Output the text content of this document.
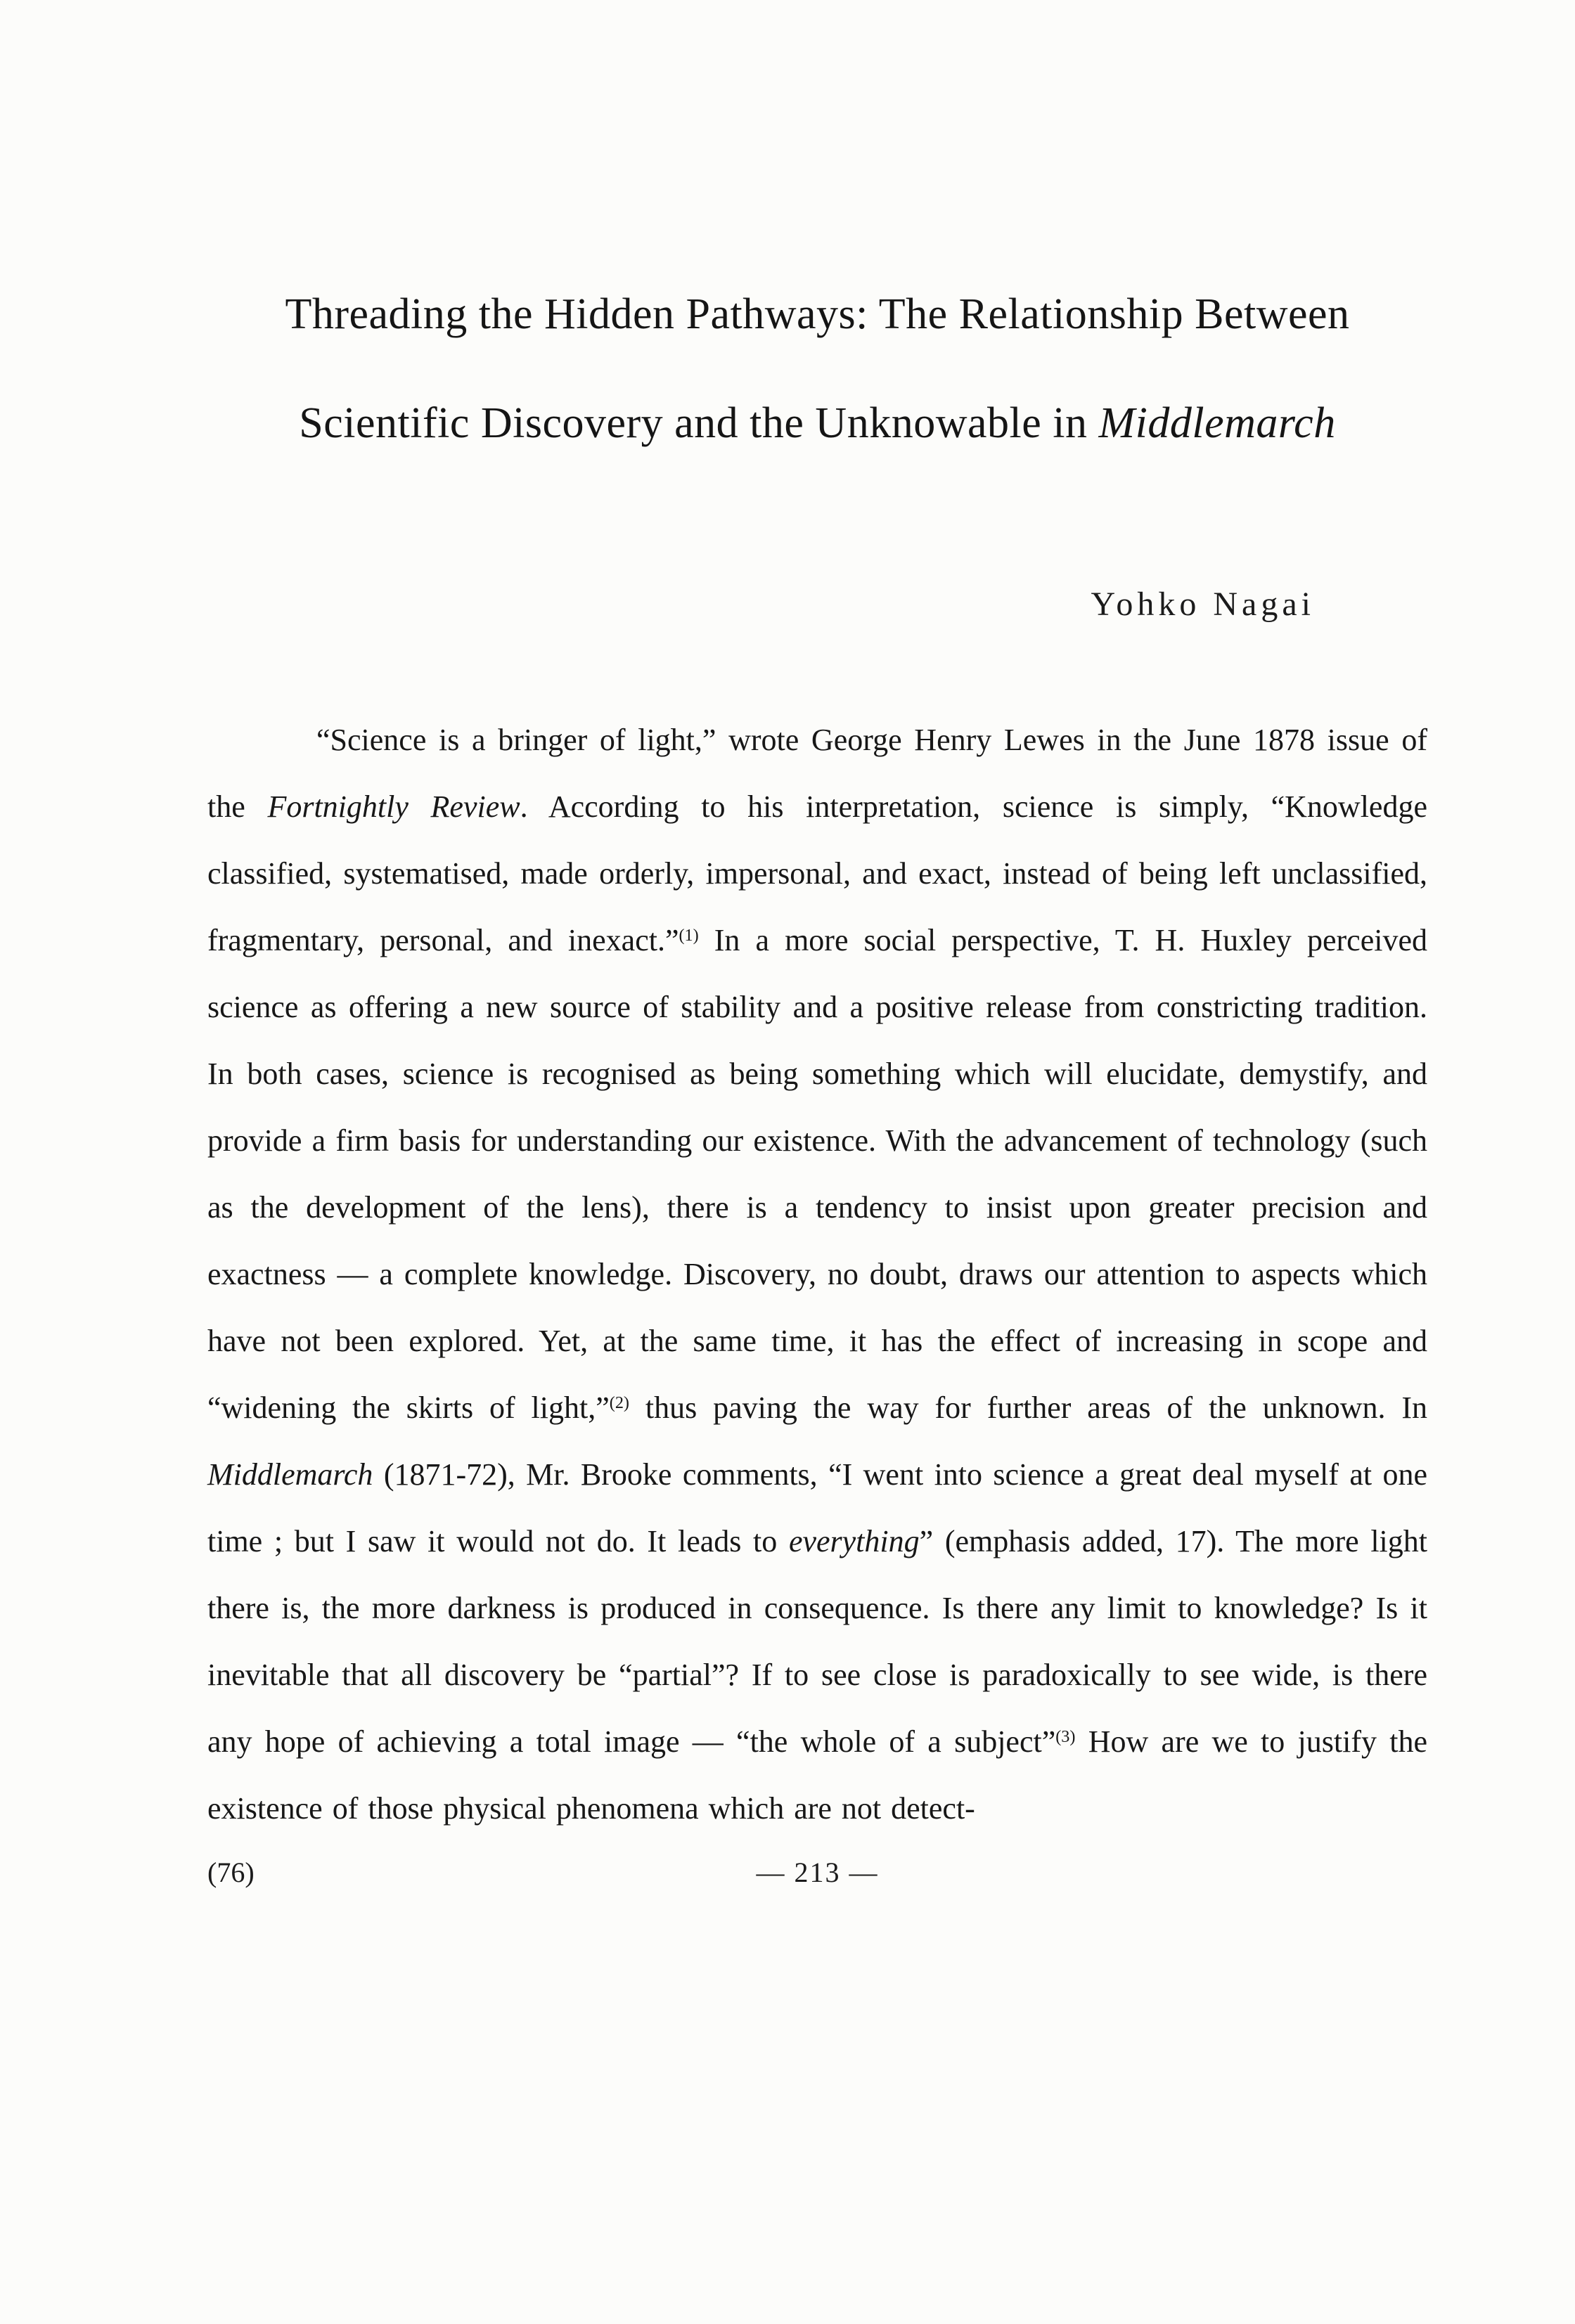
Threading the Hidden Pathways: The Relationship Between
Scientific Discovery and the Unknowable in Middlemarch
Yohko Nagai

“Science is a bringer of light,” wrote George Henry Lewes in the June 1878 issue of the Fortnightly Review. According to his interpretation, science is simply, “Knowledge classified, systematised, made orderly, impersonal, and exact, instead of being left unclassified, fragmentary, personal, and inexact.”$^{(1)}$ In a more social perspective, T. H. Huxley perceived science as offering a new source of stability and a positive release from constricting tradition. In both cases, science is recognised as being something which will elucidate, demystify, and provide a firm basis for understanding our existence. With the advancement of technology (such as the development of the lens), there is a tendency to insist upon greater precision and exactness — a complete knowledge. Discovery, no doubt, draws our attention to aspects which have not been explored. Yet, at the same time, it has the effect of increasing in scope and “widening the skirts of light,”$^{(2)}$ thus paving the way for further areas of the unknown. In Middlemarch (1871-72), Mr. Brooke comments, “I went into science a great deal myself at one time ; but I saw it would not do. It leads to everything” (emphasis added, 17). The more light there is, the more darkness is produced in consequence. Is there any limit to knowledge? Is it inevitable that all discovery be “partial”? If to see close is paradoxically to see wide, is there any hope of achieving a total image — “the whole of a subject”$^{(3)}$ How are we to justify the existence of those physical phenomena which are not detect-

(76)	— 213 —
